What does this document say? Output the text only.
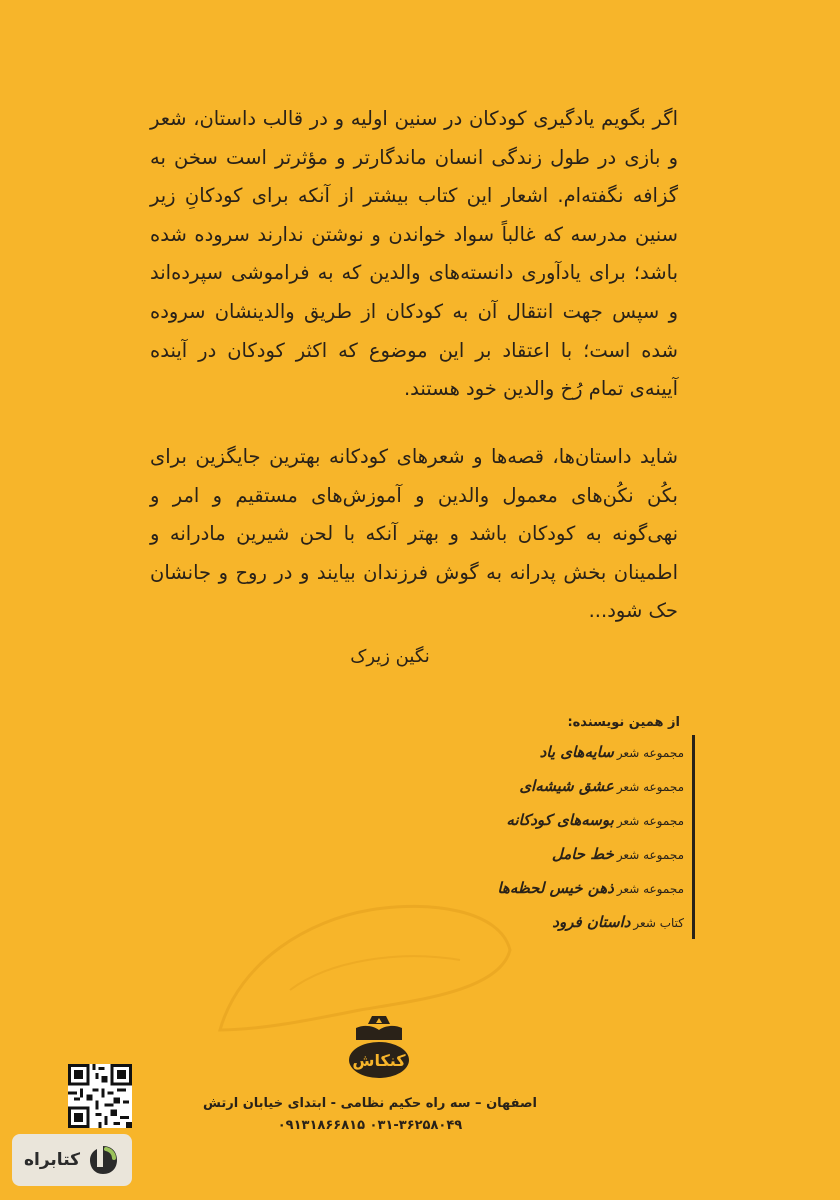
اگر بگویم یادگیری کودکان در سنین اولیه و در قالب داستان، شعر و بازی در طول زندگی انسان ماندگارتر و مؤثرتر است سخن به گزافه نگفته‌ام. اشعار این کتاب بیشتر از آنکه برای کودکانِ زیر سنین مدرسه که غالباً سواد خواندن و نوشتن ندارند سروده شده باشد؛ برای یادآوری دانسته‌های والدین که به فراموشی سپرده‌اند و سپس جهت انتقال آن به کودکان از طریق والدینشان سروده شده است؛ با اعتقاد بر این موضوع که اکثر کودکان در آینده آیینه‌ی تمام رُخ والدین خود هستند.

شاید داستان‌ها، قصه‌ها و شعرهای کودکانه بهترین جایگزین برای بکُن نکُن‌های معمول والدین و آموزش‌های مستقیم و امر و نهی‌گونه به کودکان باشد و بهتر آنکه با لحن شیرین مادرانه و اطمینان بخش پدرانه به گوش فرزندان بیایند و در روح و جانشان حک شود...

نگین زیرک
از همین نویسنده:
مجموعه شعرسایه‌های یاد
مجموعه شعرعشق شیشه‌ای
مجموعه شعربوسه‌های کودکانه
مجموعه شعرخط حامل
مجموعه شعرذهن خیس لحظه‌ها
کتاب شعرداستان فرود
کنکاش
اصفهان – سه راه حکیم نظامی - ابتدای خیابان ارتش
۰۹۱۳۱۸۶۶۸۱۵ ۰۳۱-۳۶۲۵۸۰۴۹
کتابراه
